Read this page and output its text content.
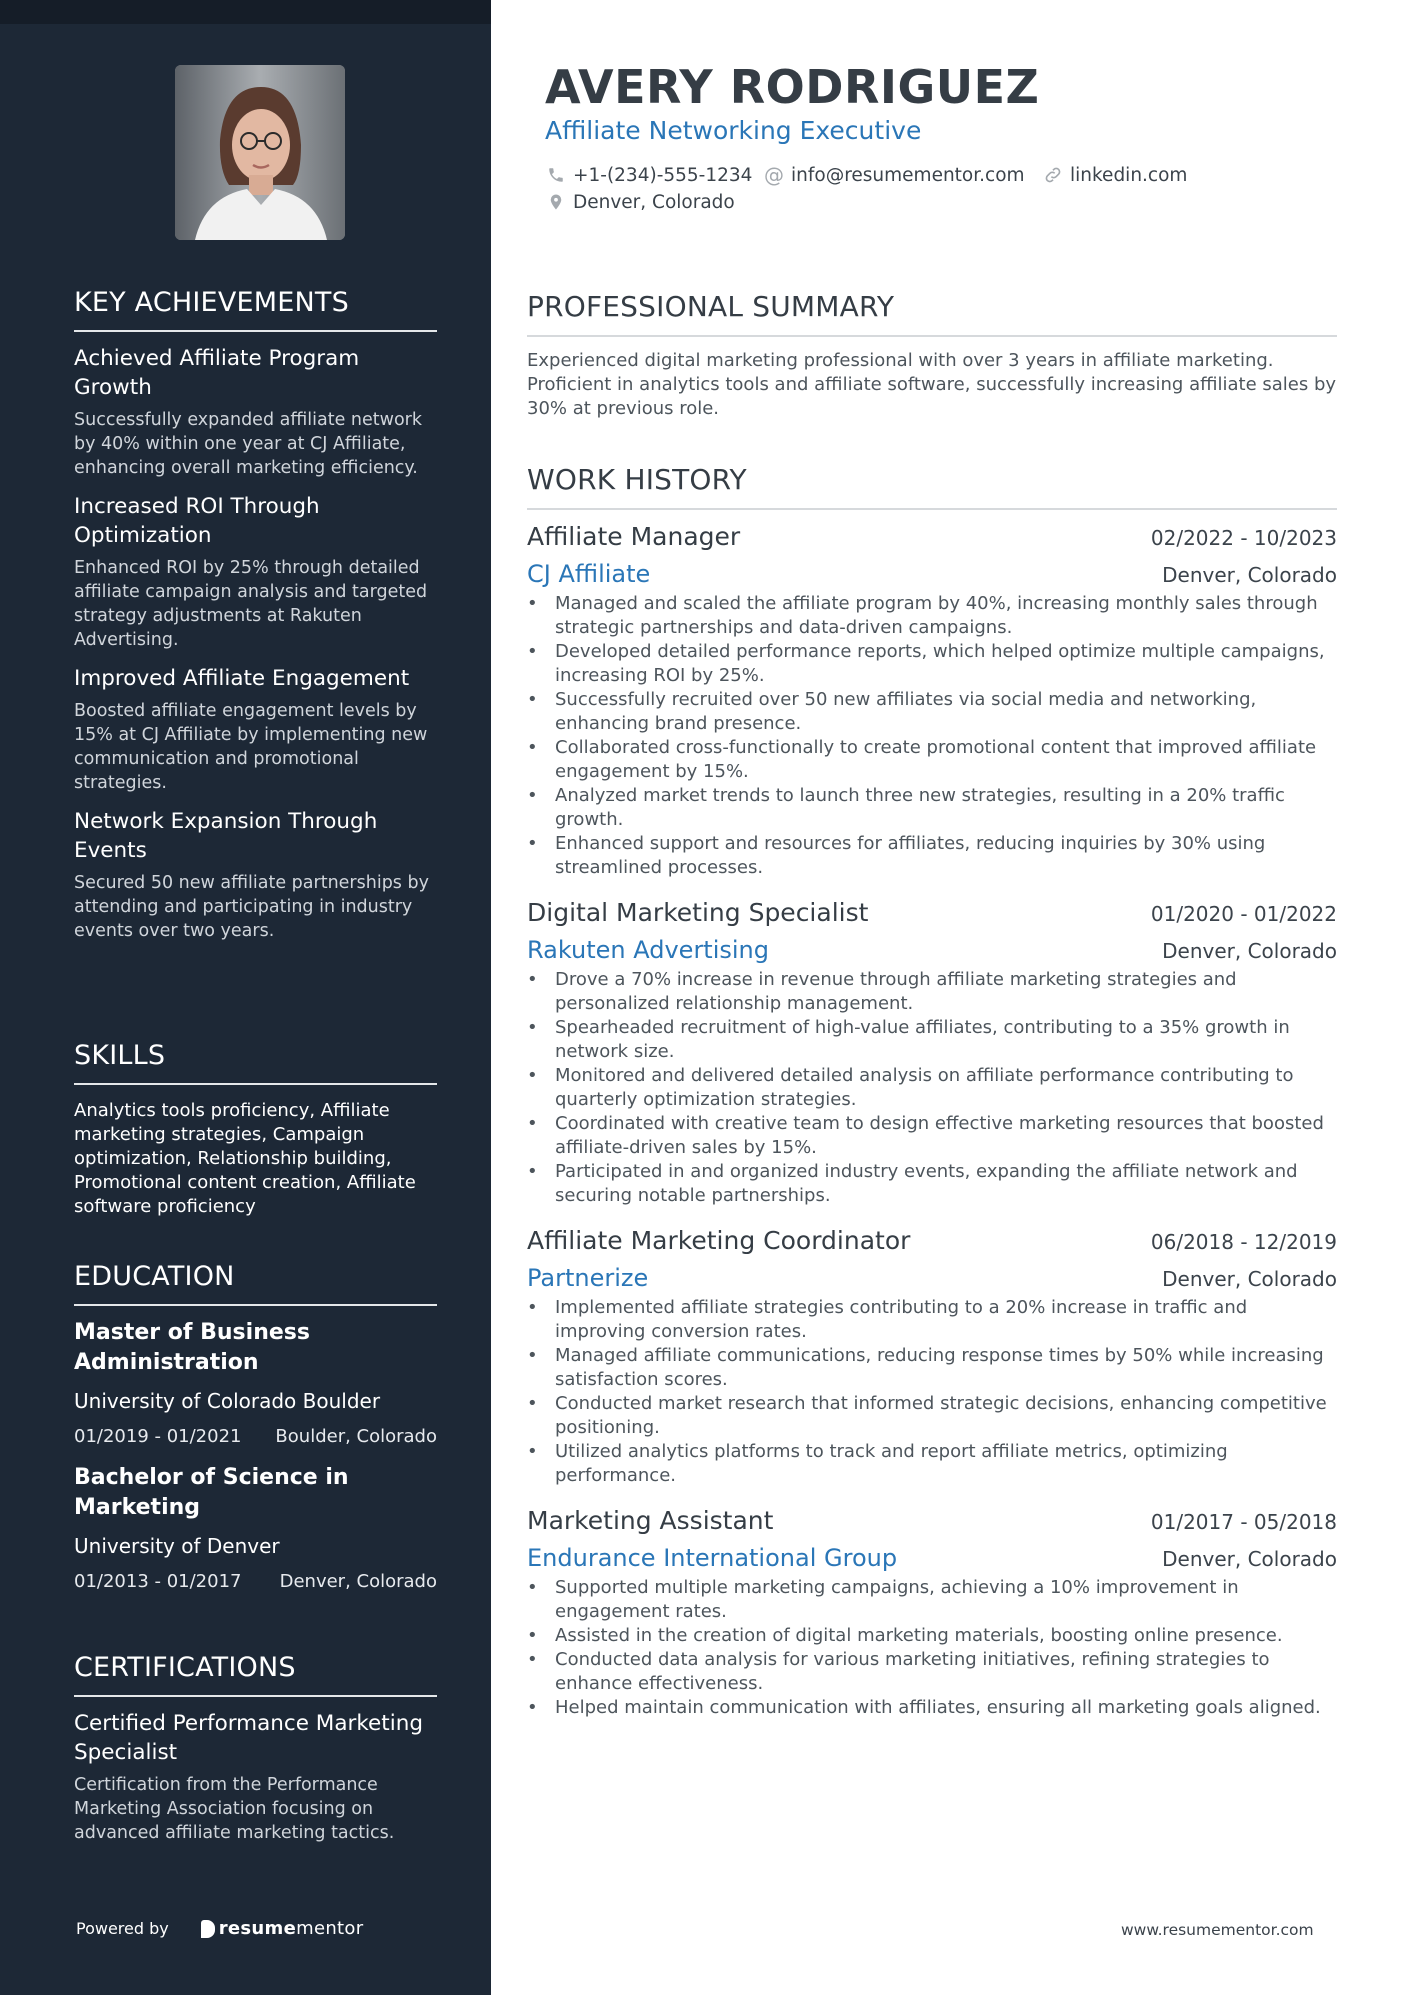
KEY ACHIEVEMENTS
Achieved Affiliate Program Growth
Successfully expanded affiliate network by 40% within one year at CJ Affiliate, enhancing overall marketing efficiency.
Increased ROI Through Optimization
Enhanced ROI by 25% through detailed affiliate campaign analysis and targeted strategy adjustments at Rakuten Advertising.
Improved Affiliate Engagement
Boosted affiliate engagement levels by 15% at CJ Affiliate by implementing new communication and promotional strategies.
Network Expansion Through Events
Secured 50 new affiliate partnerships by attending and participating in industry events over two years.
SKILLS
Analytics tools proficiency, Affiliate marketing strategies, Campaign optimization, Relationship building, Promotional content creation, Affiliate software proficiency
EDUCATION
Master of Business Administration
University of Colorado Boulder
01/2019 - 01/2021 Boulder, Colorado
Bachelor of Science in Marketing
University of Denver
01/2013 - 01/2017 Denver, Colorado
CERTIFICATIONS
Certified Performance Marketing Specialist
Certification from the Performance Marketing Association focusing on advanced affiliate marketing tactics.
Powered by	resume mentor
AVERY RODRIGUEZ
Affiliate Networking Executive
+1-(234)-555-1234 @ info@resumementor.com linkedin.com
Denver, Colorado
PROFESSIONAL SUMMARY
Experienced digital marketing professional with over 3 years in affiliate marketing. Proficient in analytics tools and affiliate software, successfully increasing affiliate sales by 30% at previous role.
WORK HISTORY
Affiliate Manager	02/2022 - 10/2023
CJ Affiliate	Denver, Colorado
• Managed and scaled the affiliate program by 40%, increasing monthly sales through strategic partnerships and data-driven campaigns.
• Developed detailed performance reports, which helped optimize multiple campaigns, increasing ROI by 25%.
• Successfully recruited over 50 new affiliates via social media and networking, enhancing brand presence.
• Collaborated cross-functionally to create promotional content that improved affiliate engagement by 15%.
• Analyzed market trends to launch three new strategies, resulting in a 20% traffic growth.
• Enhanced support and resources for affiliates, reducing inquiries by 30% using streamlined processes.
Digital Marketing Specialist	01/2020 - 01/2022
Rakuten Advertising	Denver, Colorado
• Drove a 70% increase in revenue through affiliate marketing strategies and personalized relationship management.
• Spearheaded recruitment of high-value affiliates, contributing to a 35% growth in network size.
• Monitored and delivered detailed analysis on affiliate performance contributing to quarterly optimization strategies.
• Coordinated with creative team to design effective marketing resources that boosted affiliate-driven sales by 15%.
• Participated in and organized industry events, expanding the affiliate network and securing notable partnerships.
Affiliate Marketing Coordinator	06/2018 - 12/2019
Partnerize	Denver, Colorado
• Implemented affiliate strategies contributing to a 20% increase in traffic and improving conversion rates.
• Managed affiliate communications, reducing response times by 50% while increasing satisfaction scores.
• Conducted market research that informed strategic decisions, enhancing competitive positioning.
• Utilized analytics platforms to track and report affiliate metrics, optimizing performance.
Marketing Assistant	01/2017 - 05/2018
Endurance International Group	Denver, Colorado
• Supported multiple marketing campaigns, achieving a 10% improvement in engagement rates.
• Assisted in the creation of digital marketing materials, boosting online presence.
• Conducted data analysis for various marketing initiatives, refining strategies to enhance effectiveness.
• Helped maintain communication with affiliates, ensuring all marketing goals aligned.
www.resumementor.com
